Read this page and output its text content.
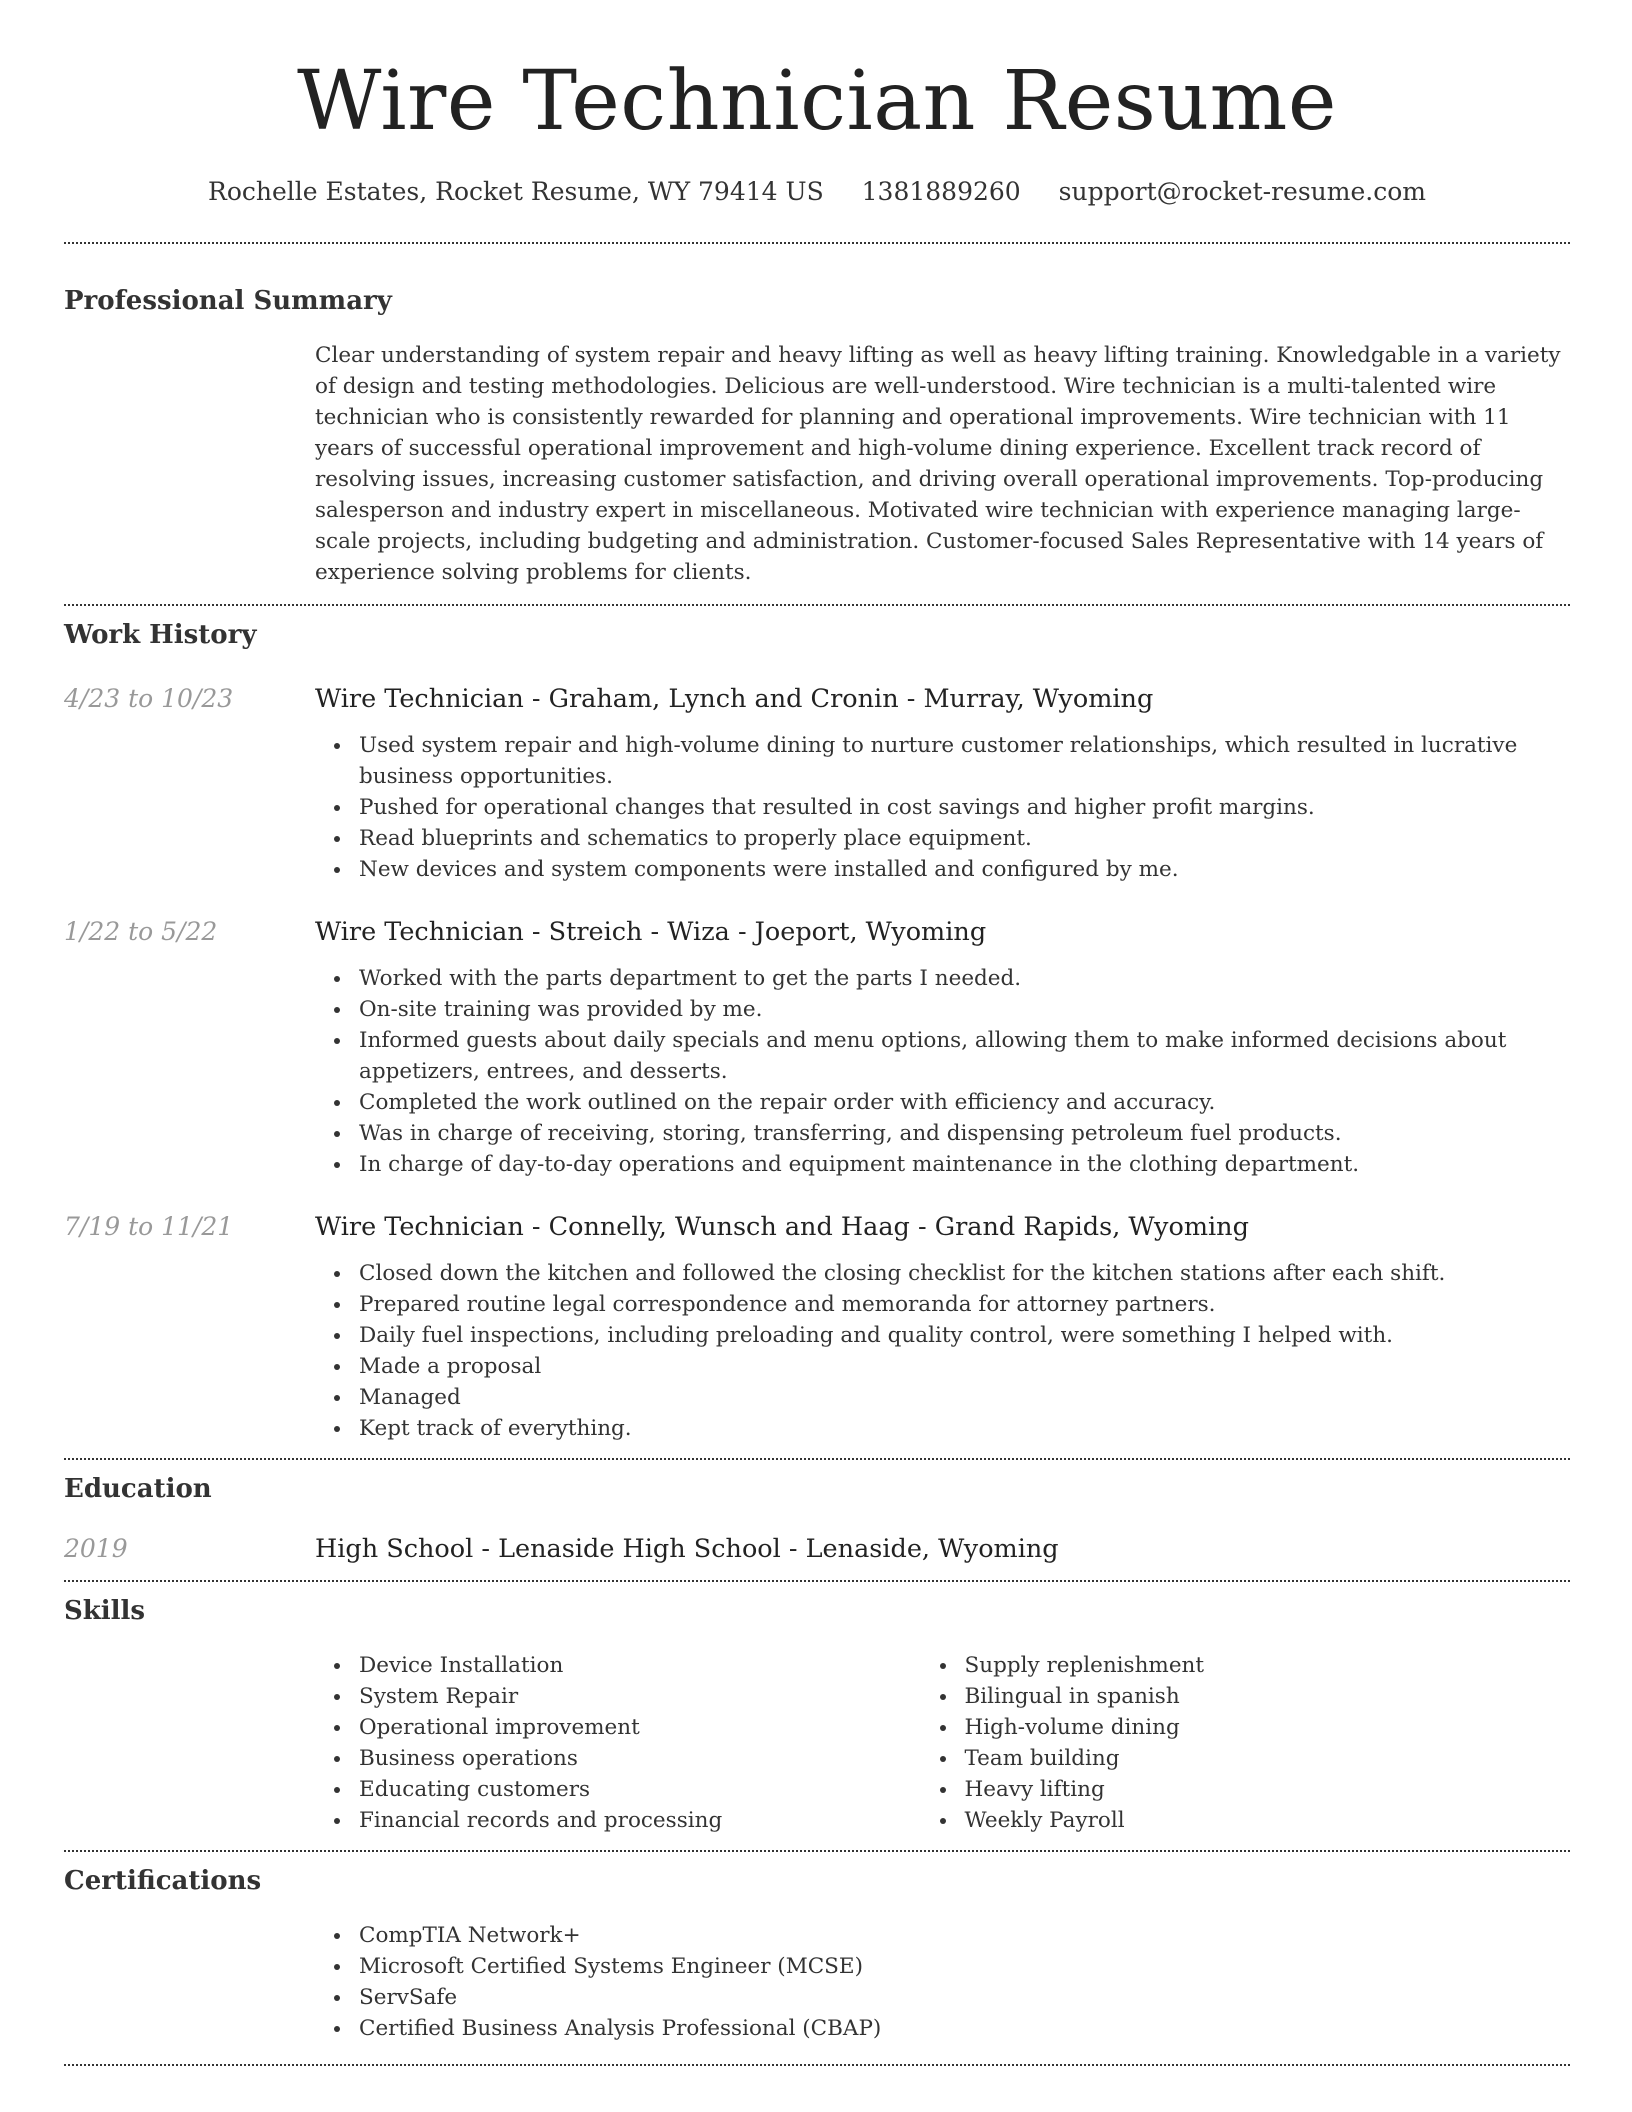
Wire Technician Resume
Rochelle Estates, Rocket Resume, WY 79414 US 1381889260 support@rocket-resume.com
Professional Summary

Clear understanding of system repair and heavy lifting as well as heavy lifting training. Knowledgable in a variety of design and testing methodologies. Delicious are well-understood. Wire technician is a multi-talented wire technician who is consistently rewarded for planning and operational improvements. Wire technician with 11 years of successful operational improvement and high-volume dining experience. Excellent track record of resolving issues, increasing customer satisfaction, and driving overall operational improvements. Top-producing salesperson and industry expert in miscellaneous. Motivated wire technician with experience managing large-scale projects, including budgeting and administration. Customer-focused Sales Representative with 14 years of experience solving problems for clients.

Work History
4/23 to 10/23	Wire Technician - Graham, Lynch and Cronin - Murray, Wyoming
Used system repair and high-volume dining to nurture customer relationships, which resulted in lucrative business opportunities.
Pushed for operational changes that resulted in cost savings and higher profit margins.
Read blueprints and schematics to properly place equipment.
New devices and system components were installed and configured by me.
1/22 to 5/22	Wire Technician - Streich - Wiza - Joeport, Wyoming
Worked with the parts department to get the parts I needed.
On-site training was provided by me.
Informed guests about daily specials and menu options, allowing them to make informed decisions about appetizers, entrees, and desserts.
Completed the work outlined on the repair order with efficiency and accuracy.
Was in charge of receiving, storing, transferring, and dispensing petroleum fuel products.
In charge of day-to-day operations and equipment maintenance in the clothing department.
7/19 to 11/21	Wire Technician - Connelly, Wunsch and Haag - Grand Rapids, Wyoming
Closed down the kitchen and followed the closing checklist for the kitchen stations after each shift.
Prepared routine legal correspondence and memoranda for attorney partners.
Daily fuel inspections, including preloading and quality control, were something I helped with.
Made a proposal
Managed
Kept track of everything.
Education
2019	High School - Lenaside High School - Lenaside, Wyoming
Skills
Device Installation
System Repair
Operational improvement
Business operations
Educating customers
Financial records and processing
Supply replenishment
Bilingual in spanish
High-volume dining
Team building
Heavy lifting
Weekly Payroll
Certifications
CompTIA Network+
Microsoft Certified Systems Engineer (MCSE)
ServSafe
Certified Business Analysis Professional (CBAP)
